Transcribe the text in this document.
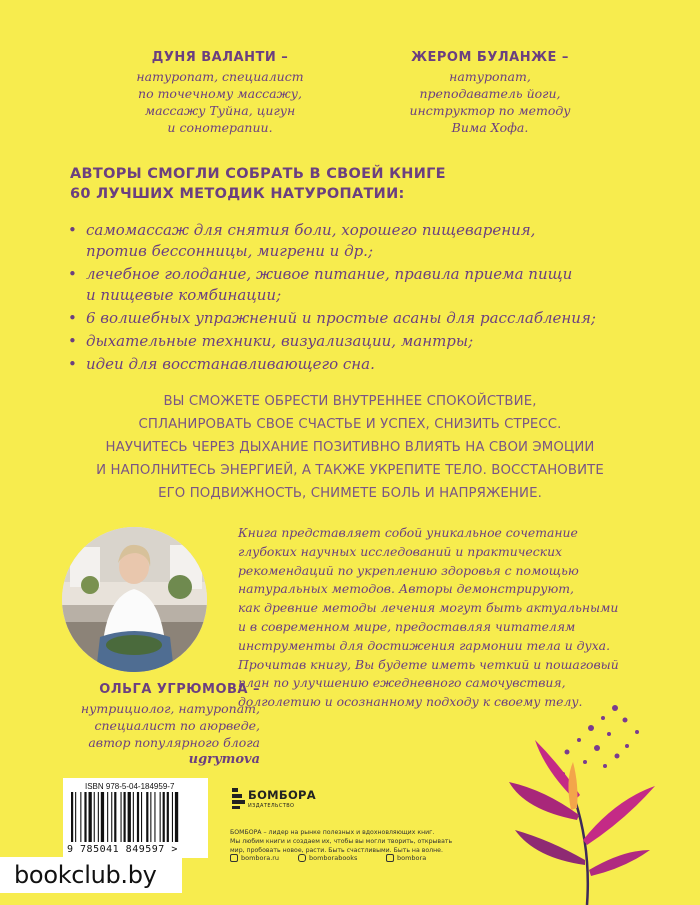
ДУНЯ ВАЛАНТИ –
натуропат, специалист
по точечному массажу,
массажу Туйна, цигун
и сонотерапии.
ЖЕРОМ БУЛАНЖЕ –
натуропат,
преподаватель йоги,
инструктор по методу
Вима Хофа.
АВТОРЫ СМОГЛИ СОБРАТЬ В СВОЕЙ КНИГЕ
60 ЛУЧШИХ МЕТОДИК НАТУРОПАТИИ:
• самомассаж для снятия боли, хорошего пищеварения,
против бессонницы, мигрени и др.;
• лечебное голодание, живое питание, правила приема пищи
и пищевые комбинации;
• 6 волшебных упражнений и простые асаны для расслабления;
• дыхательные техники, визуализации, мантры;
• идеи для восстанавливающего сна.
ВЫ СМОЖЕТЕ ОБРЕСТИ ВНУТРЕННЕЕ СПОКОЙСТВИЕ,
СПЛАНИРОВАТЬ СВОЕ СЧАСТЬЕ И УСПЕХ, СНИЗИТЬ СТРЕСС.
НАУЧИТЕСЬ ЧЕРЕЗ ДЫХАНИЕ ПОЗИТИВНО ВЛИЯТЬ НА СВОИ ЭМОЦИИ
И НАПОЛНИТЕСЬ ЭНЕРГИЕЙ, А ТАКЖЕ УКРЕПИТЕ ТЕЛО. ВОССТАНОВИТЕ
ЕГО ПОДВИЖНОСТЬ, СНИМЕТЕ БОЛЬ И НАПРЯЖЕНИЕ.
ОЛЬГА УГРЮМОВА –
нутрициолог, натуропат,
специалист по аюрведе,
автор популярного блога
ugrymova
Книга представляет собой уникальное сочетание
глубоких научных исследований и практических
рекомендаций по укреплению здоровья с помощью
натуральных методов. Авторы демонстрируют,
как древние методы лечения могут быть актуальными
и в современном мире, предоставляя читателям
инструменты для достижения гармонии тела и духа.
Прочитав книгу, Вы будете иметь четкий и пошаговый
план по улучшению ежедневного самочувствия,
долголетию и осознанному подходу к своему телу.
ISBN 978-5-04-184959-7
9 785041 849597 >
БОМБОРА
ИЗДАТЕЛЬСТВО
БОМБОРА – лидер на рынке полезных и вдохновляющих книг.
Мы любим книги и создаем их, чтобы вы могли творить, открывать
мир, пробовать новое, расти. Быть счастливыми. Быть на волне.
bombora.ru	bomborabooks	bombora
bookclub.by
